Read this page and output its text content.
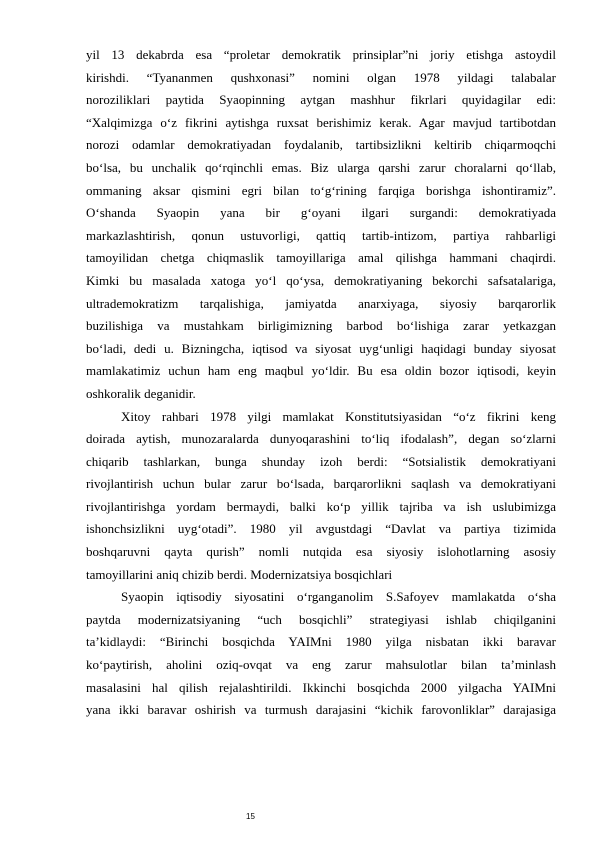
yil 13 dekabrda esa “proletar demokratik prinsiplar”ni joriy etishga astoydil
kirishdi. “Tyananmen qushxonasi” nomini olgan 1978 yildagi talabalar
noroziliklari paytida Syaopinning aytgan mashhur fikrlari quyidagilar edi:
“Xalqimizga o‘z fikrini aytishga ruxsat berishimiz kerak. Agar mavjud tartibotdan
norozi odamlar demokratiyadan foydalanib, tartibsizlikni keltirib chiqarmoqchi
bo‘lsa, bu unchalik qo‘rqinchli emas. Biz ularga qarshi zarur choralarni qo‘llab,
ommaning aksar qismini egri bilan to‘g‘rining farqiga borishga ishontiramiz”.
O‘shanda Syaopin yana bir g‘oyani ilgari surgandi: demokratiyada
markazlashtirish, qonun ustuvorligi, qattiq tartib-intizom, partiya rahbarligi
tamoyilidan chetga chiqmaslik tamoyillariga amal qilishga hammani chaqirdi.
Kimki bu masalada xatoga yo‘l qo‘ysa, demokratiyaning bekorchi safsatalariga,
ultrademokratizm tarqalishiga, jamiyatda anarxiyaga, siyosiy barqarorlik
buzilishiga va mustahkam birligimizning barbod bo‘lishiga zarar yetkazgan
bo‘ladi, dedi u. Bizningcha, iqtisod va siyosat uyg‘unligi haqidagi bunday siyosat
mamlakatimiz uchun ham eng maqbul yo‘ldir. Bu esa oldin bozor iqtisodi, keyin
oshkoralik deganidir.
Xitoy rahbari 1978 yilgi mamlakat Konstitutsiyasidan “o‘z fikrini keng
doirada aytish, munozaralarda dunyoqarashini to‘liq ifodalash”, degan so‘zlarni
chiqarib tashlarkan, bunga shunday izoh berdi: “Sotsialistik demokratiyani
rivojlantirish uchun bular zarur bo‘lsada, barqarorlikni saqlash va demokratiyani
rivojlantirishga yordam bermaydi, balki ko‘p yillik tajriba va ish uslubimizga
ishonchsizlikni uyg‘otadi”. 1980 yil avgustdagi “Davlat va partiya tizimida
boshqaruvni qayta qurish” nomli nutqida esa siyosiy islohotlarning asosiy
tamoyillarini aniq chizib berdi. Modernizatsiya bosqichlari
Syaopin iqtisodiy siyosatini o‘rganganolim S.Safoyev mamlakatda o‘sha
paytda modernizatsiyaning “uch bosqichli” strategiyasi ishlab chiqilganini
ta’kidlaydi: “Birinchi bosqichda YAIMni 1980 yilga nisbatan ikki baravar
ko‘paytirish, aholini oziq-ovqat va eng zarur mahsulotlar bilan ta’minlash
masalasini hal qilish rejalashtirildi. Ikkinchi bosqichda 2000 yilgacha YAIMni
yana ikki baravar oshirish va turmush darajasini “kichik farovonliklar” darajasiga
15
